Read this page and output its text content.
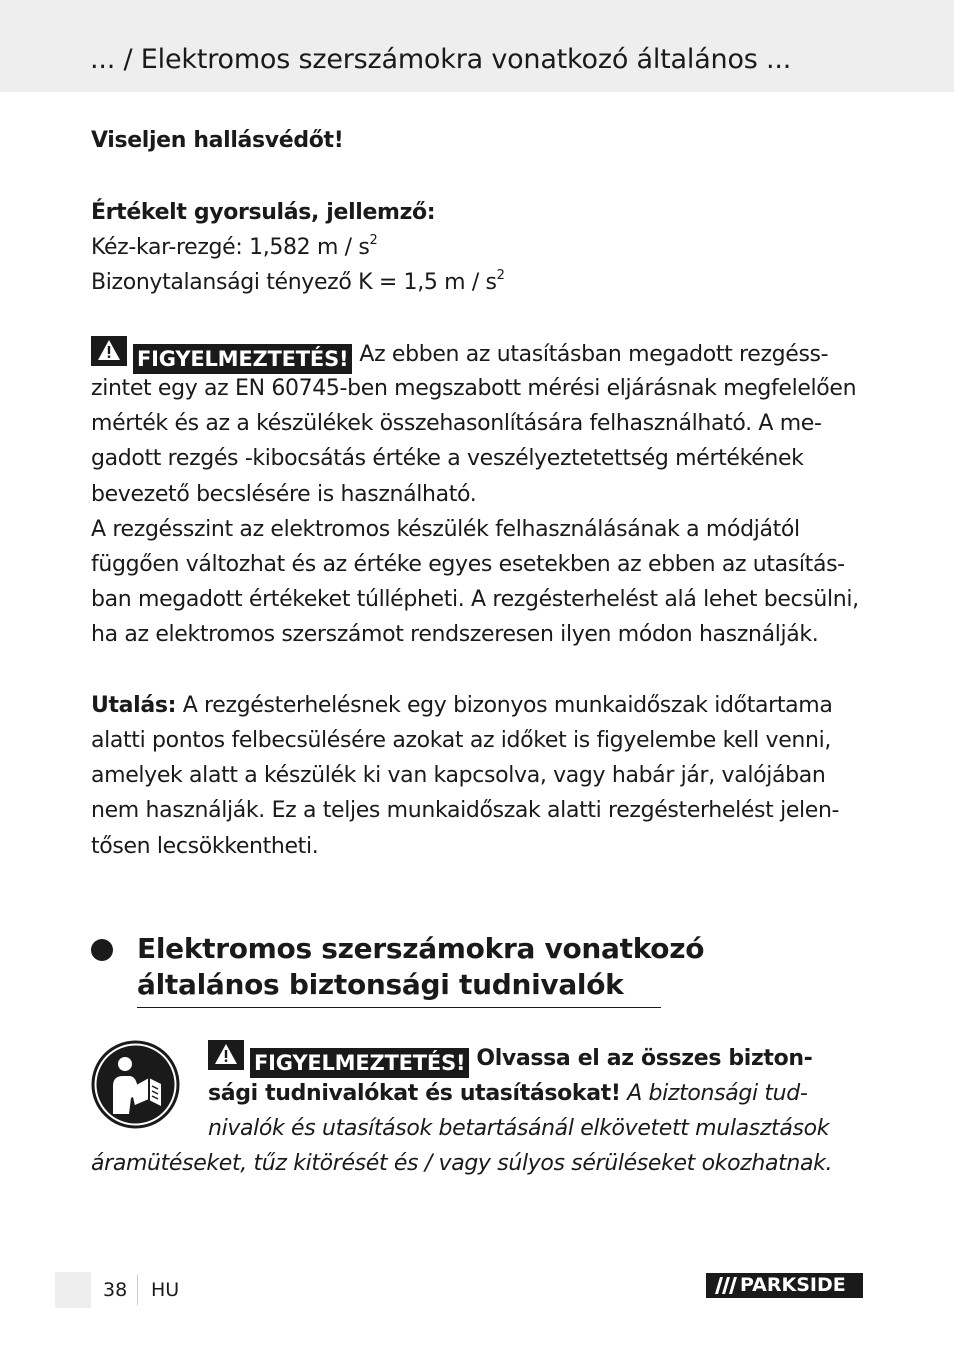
... / Elektromos szerszámokra vonatkozó általános ...
Viseljen hallásvédőt!
Értékelt gyorsulás, jellemző:
Kéz-kar-rezgé: 1,582 m / $s^2$
Bizonytalansági tényező K = 1,5 m / $s^2$
FIGYELMEZTETÉS! Az ebben az utasításban megadott rezgéss-
zintet egy az EN 60745-ben megszabott mérési eljárásnak megfelelően
mérték és az a készülékek összehasonlítására felhasználható. A me-
gadott rezgés -kibocsátás értéke a veszélyeztetettség mértékének
bevezető becslésére is használható.
A rezgésszint az elektromos készülék felhasználásának a módjától
függően változhat és az értéke egyes esetekben az ebben az utasítás-
ban megadott értékeket túllépheti. A rezgésterhelést alá lehet becsülni,
ha az elektromos szerszámot rendszeresen ilyen módon használják.
Utalás: A rezgésterhelésnek egy bizonyos munkaidőszak időtartama
alatti pontos felbecsülésére azokat az időket is figyelembe kell venni,
amelyek alatt a készülék ki van kapcsolva, vagy habár jár, valójában
nem használják. Ez a teljes munkaidőszak alatti rezgésterhelést jelen-
tősen lecsökkentheti.
Elektromos szerszámokra vonatkozó
általános biztonsági tudnivalók
FIGYELMEZTETÉS! Olvassa el az összes bizton-
sági tudnivalókat és utasításokat! A biztonsági tud-
nivalók és utasítások betartásánál elkövetett mulasztások
áramütéseket, tűz kitörését és / vagy súlyos sérüléseket okozhatnak.
38 HU	PARKSIDE
